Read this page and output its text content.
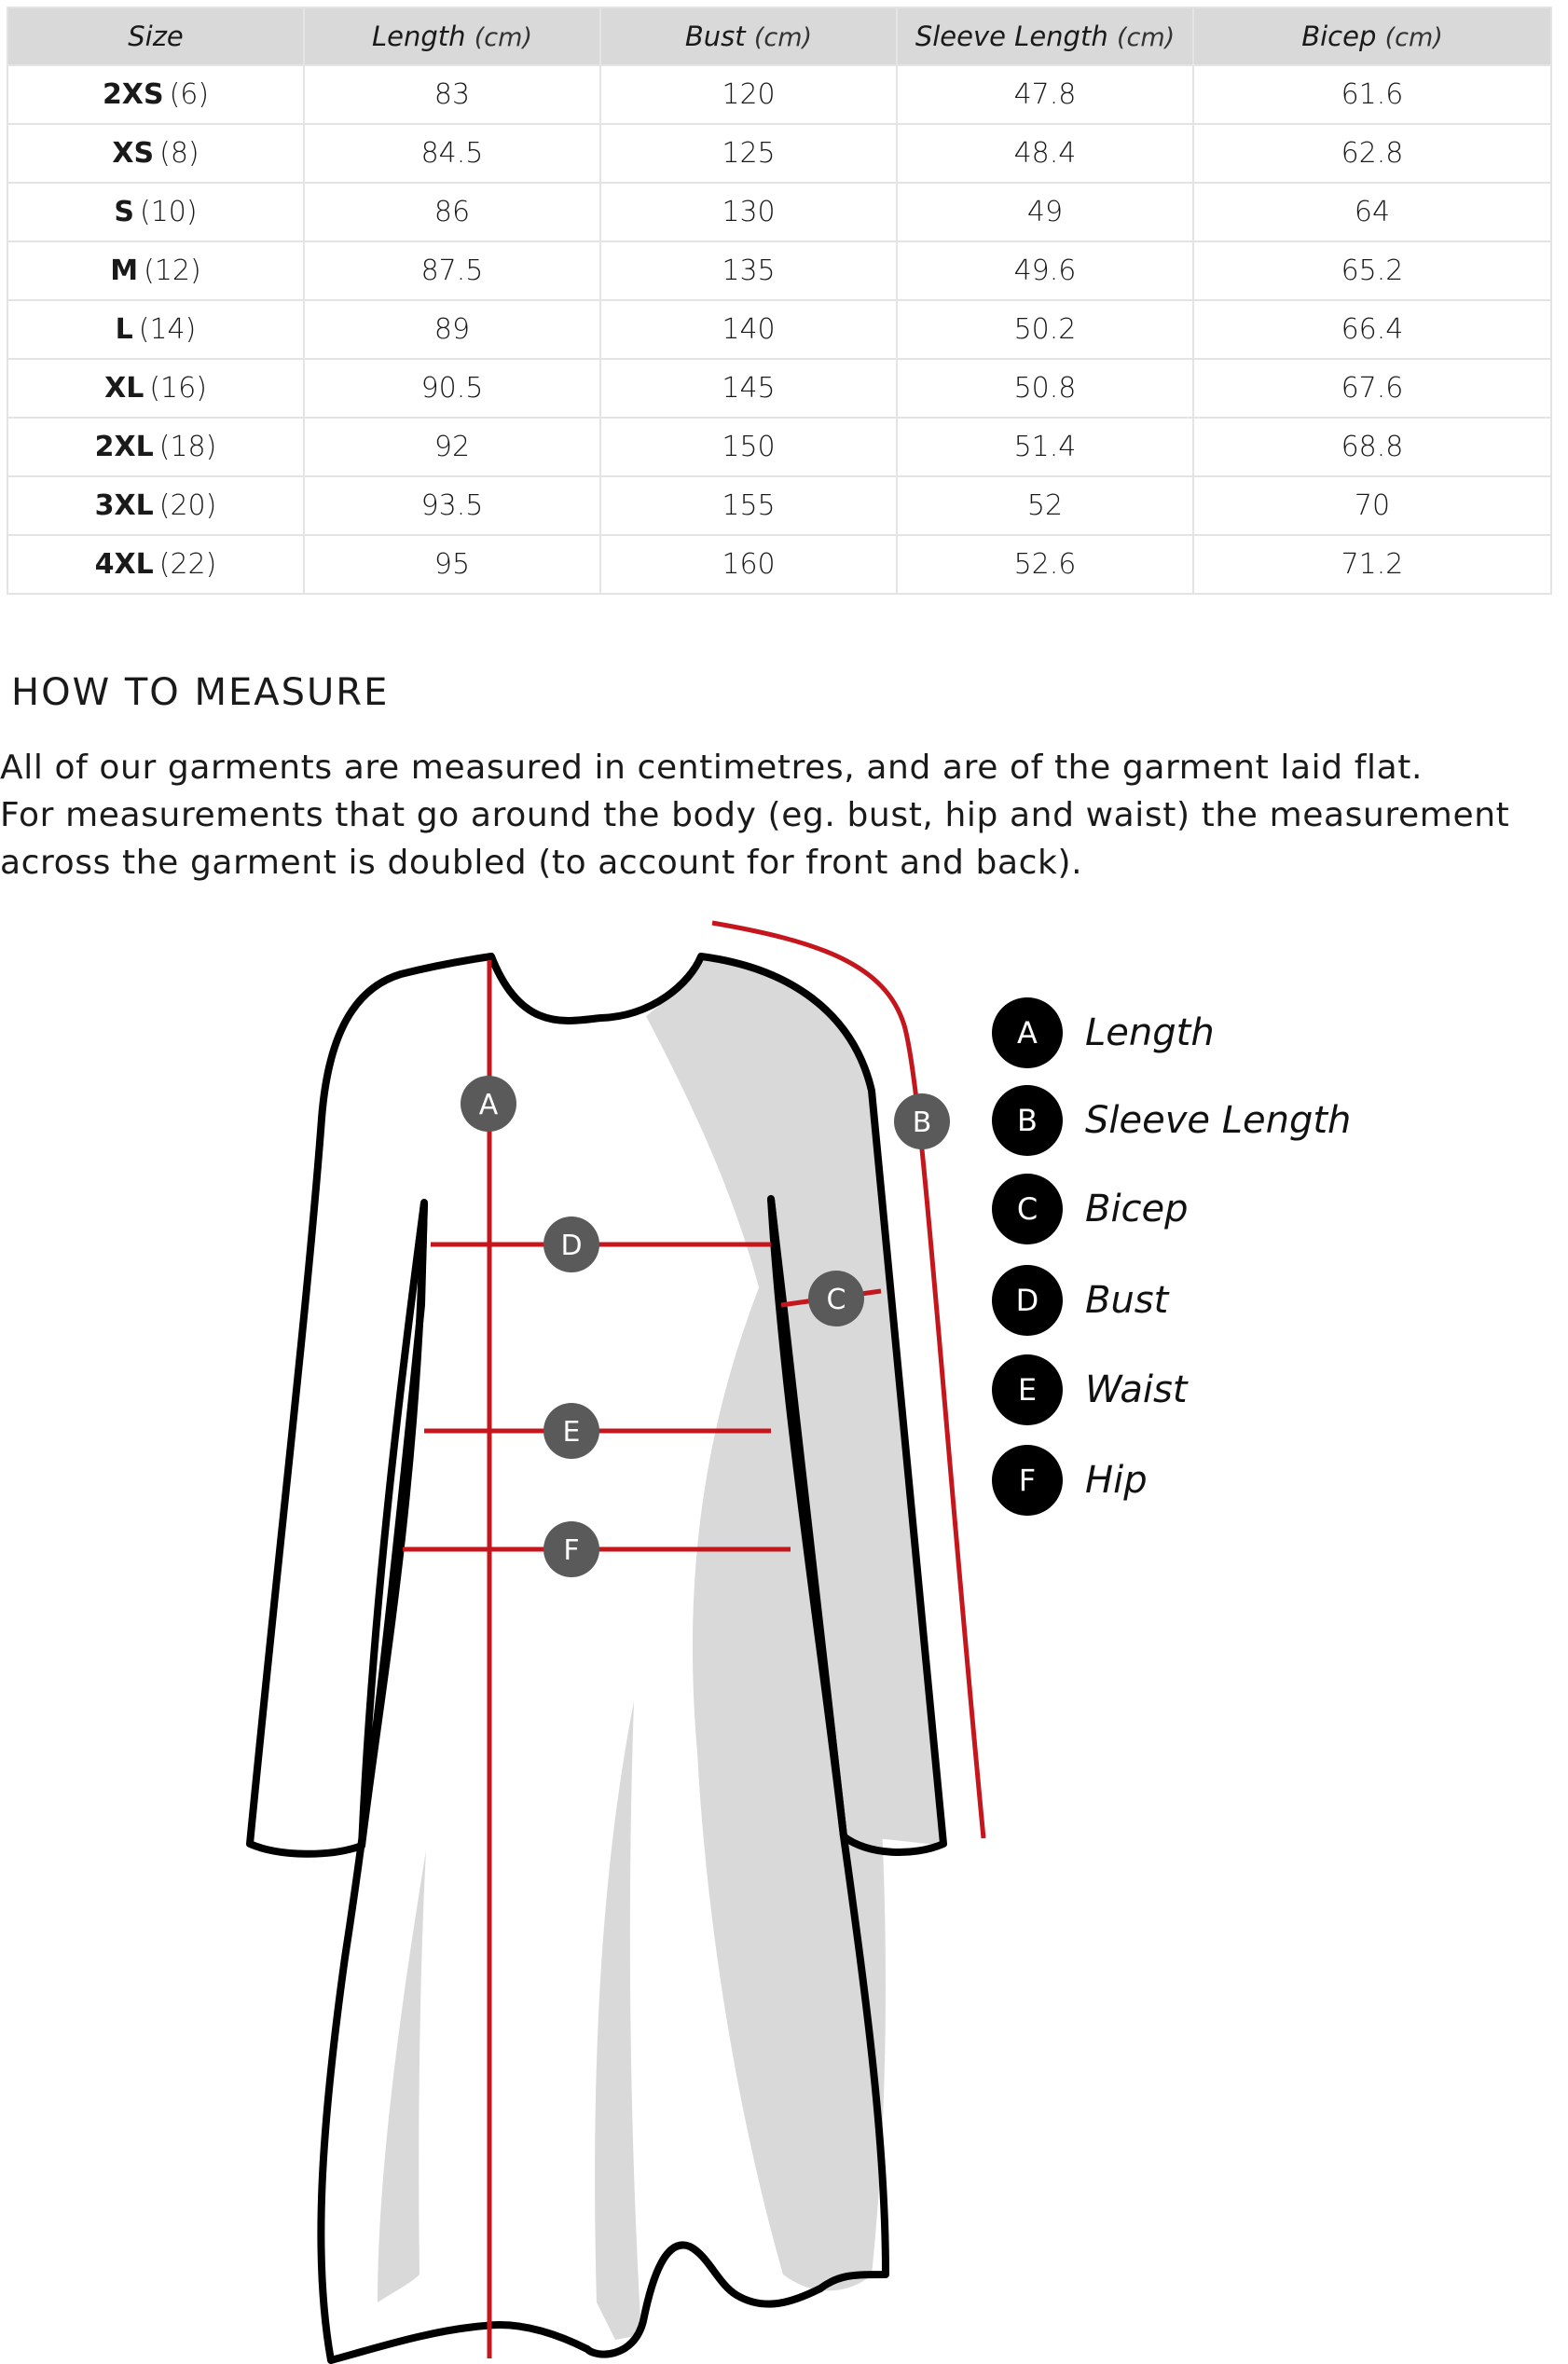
Size	Length (cm)	Bust (cm)	Sleeve Length (cm)	Bicep (cm)
2XS (6)	83	120	47.8	61.6
XS (8)	84.5	125	48.4	62.8
S (10)	86	130	49	64
M (12)	87.5	135	49.6	65.2
L (14)	89	140	50.2	66.4
XL (16)	90.5	145	50.8	67.6
2XL (18)	92	150	51.4	68.8
3XL (20)	93.5	155	52	70
4XL (22)	95	160	52.6	71.2
HOW TO MEASURE

All of our garments are measured in centimetres, and are of the garment laid flat.
For measurements that go around the body (eg. bust, hip and waist) the measurement
across the garment is doubled (to account for front and back).

A
B
C
D
E
F
A	Length
B	Sleeve Length
C	Bicep
D	Bust
E	Waist
F	Hip
